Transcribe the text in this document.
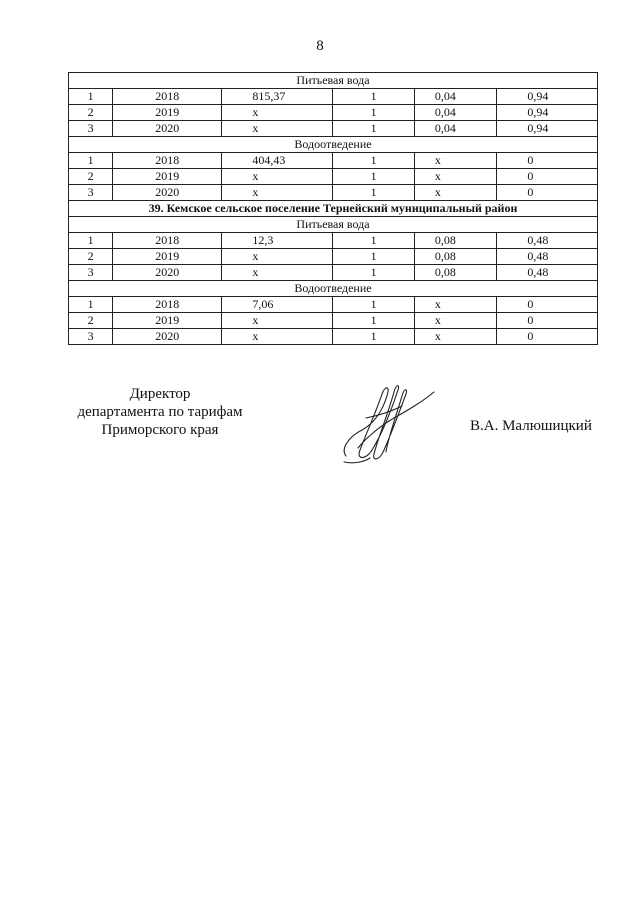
8
Питьевая вода					
1	2018	815,37	1	0,04	0,94
2	2019	x	1	0,04	0,94
3	2020	x	1	0,04	0,94
Водоотведение					
1	2018	404,43	1	x	0
2	2019	x	1	x	0
3	2020	x	1	x	0
39. Кемское сельское поселение Тернейский муниципальный район					
Питьевая вода					
1	2018	12,3	1	0,08	0,48
2	2019	x	1	0,08	0,48
3	2020	x	1	0,08	0,48
Водоотведение					
1	2018	7,06	1	x	0
2	2019	x	1	x	0
3	2020	x	1	x	0
Директор
департамента по тарифам
Приморского края	В.А. Малюшицкий
